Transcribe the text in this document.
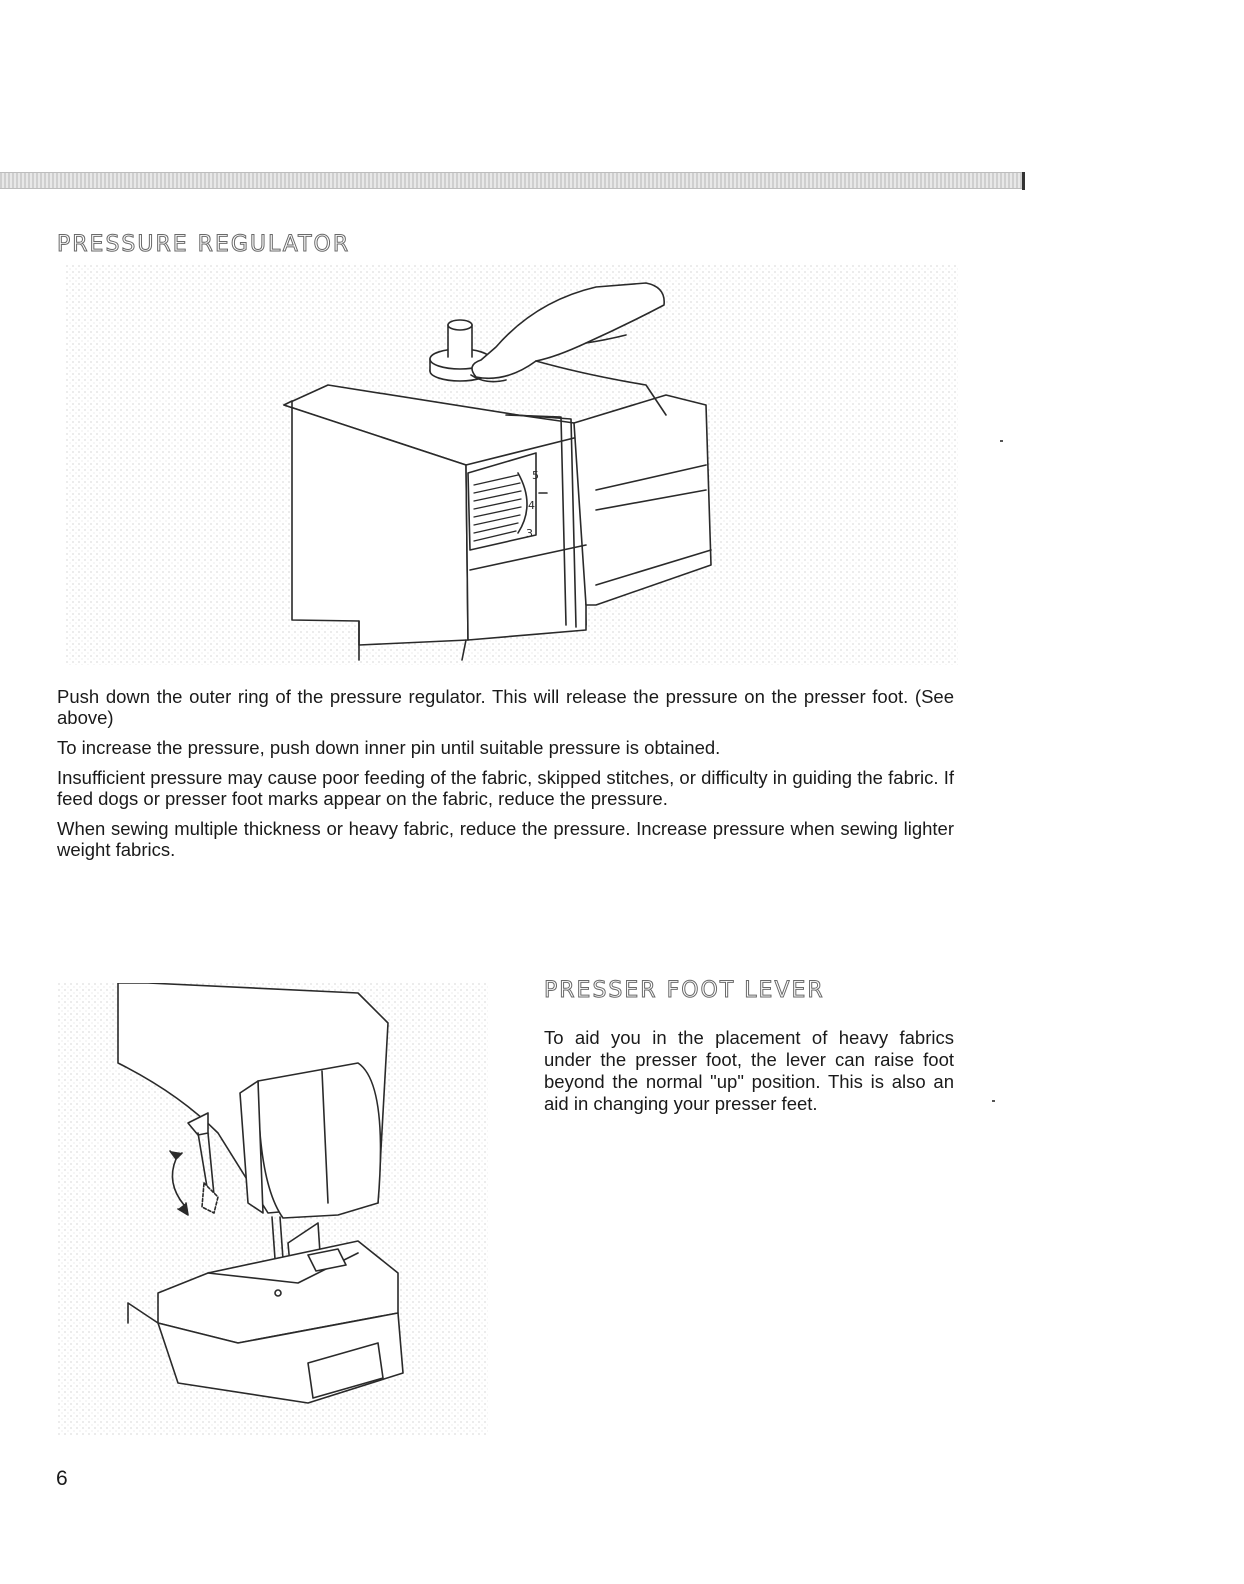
PRESSURE REGULATOR
5
4
3

Push down the outer ring of the pressure regulator. This will release the pressure on the presser foot. (See above)

To increase the pressure, push down inner pin until suitable pressure is obtained.

Insufficient pressure may cause poor feeding of the fabric, skipped stitches, or difficulty in guiding the fabric. If feed dogs or presser foot marks appear on the fabric, reduce the pressure.

When sewing multiple thickness or heavy fabric, reduce the pressure. Increase pressure when sewing lighter weight fabrics.

PRESSER FOOT LEVER

To aid you in the placement of heavy fabrics under the presser foot, the lever can raise foot beyond the normal "up" position. This is also an aid in changing your presser feet.

6
